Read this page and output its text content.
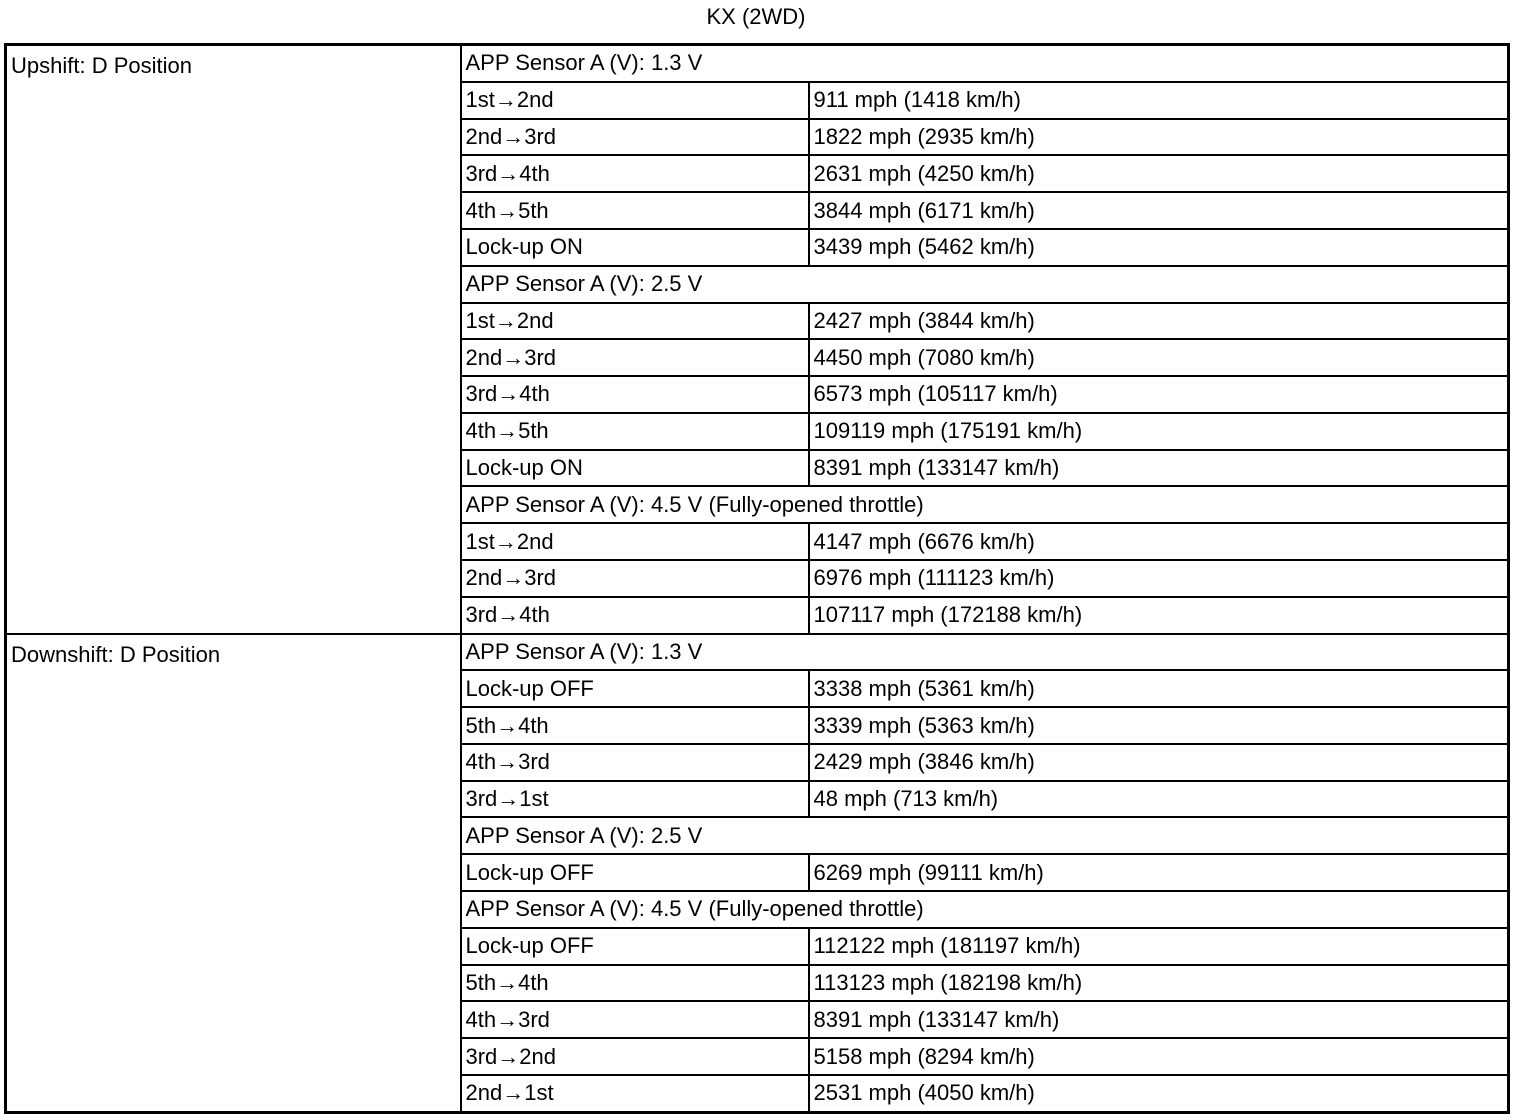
KX (2WD)
Upshift: D Position	APP Sensor A (V): 1.3 V	
	1st→2nd	911 mph (1418 km/h)
	2nd→3rd	1822 mph (2935 km/h)
	3rd→4th	2631 mph (4250 km/h)
	4th→5th	3844 mph (6171 km/h)
	Lock-up ON	3439 mph (5462 km/h)
	APP Sensor A (V): 2.5 V	
	1st→2nd	2427 mph (3844 km/h)
	2nd→3rd	4450 mph (7080 km/h)
	3rd→4th	6573 mph (105117 km/h)
	4th→5th	109119 mph (175191 km/h)
	Lock-up ON	8391 mph (133147 km/h)
	APP Sensor A (V): 4.5 V (Fully-opened throttle)	
	1st→2nd	4147 mph (6676 km/h)
	2nd→3rd	6976 mph (111123 km/h)
	3rd→4th	107117 mph (172188 km/h)
Downshift: D Position	APP Sensor A (V): 1.3 V	
	Lock-up OFF	3338 mph (5361 km/h)
	5th→4th	3339 mph (5363 km/h)
	4th→3rd	2429 mph (3846 km/h)
	3rd→1st	48 mph (713 km/h)
	APP Sensor A (V): 2.5 V	
	Lock-up OFF	6269 mph (99111 km/h)
	APP Sensor A (V): 4.5 V (Fully-opened throttle)	
	Lock-up OFF	112122 mph (181197 km/h)
	5th→4th	113123 mph (182198 km/h)
	4th→3rd	8391 mph (133147 km/h)
	3rd→2nd	5158 mph (8294 km/h)
	2nd→1st	2531 mph (4050 km/h)
